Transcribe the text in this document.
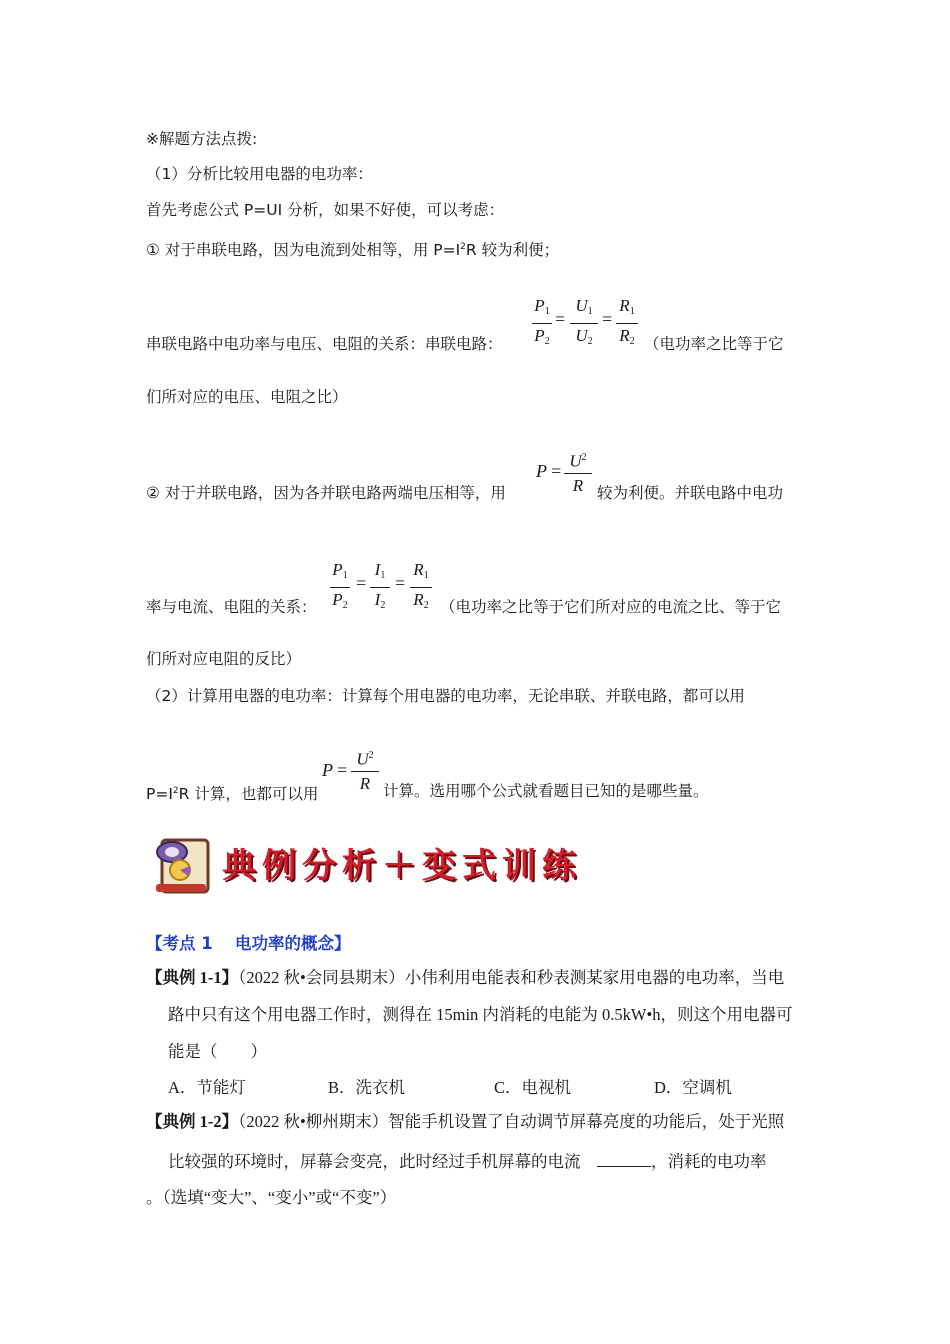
※解题方法点拨:
（1）分析比较用电器的电功率：
首先考虑公式 P=UI 分析，如果不好使，可以考虑：
① 对于串联电路，因为电流到处相等，用 $P=I^2R$ 较为利便；
串联电路中电功率与电压、电阻的关系：串联电路：
$P_1$
$P_2$
=
$U_1$
$U_2$
=
$R_1$
$R_2$ （电功率之比等于它
们所对应的电压、电阻之比）
② 对于并联电路，因为各并联电路两端电压相等，用
$P = U^2$
R 较为利便。并联电路中电功
率与电流、电阻的关系：
$P_1$
$P_2$
=
$I_1$
$I_2$
=
$R_1$
$R_2$ （电功率之比等于它们所对应的电流之比、等于它
们所对应电阻的反比）
（2）计算用电器的电功率：计算每个用电器的电功率，无论串联、并联电路，都可以用
$P=I^2R$ 计算，也都可以用
P =
$U^2$
R 计算。选用哪个公式就看题目已知的是哪些量。
典例分析＋变式训练
【考点 1　 电功率的概念】
【典例 1-1】（2022 秋•会同县期末）小伟利用电能表和秒表测某家用电器的电功率，当电
路中只有这个用电器工作时，测得在 15min 内消耗的电能为 0.5kW•h，则这个用电器可
能是（　　）
A．节能灯	B．洗衣机	C．电视机	D．空调机
【典例 1-2】（2022 秋•柳州期末）智能手机设置了自动调节屏幕亮度的功能后，处于光照
比较强的环境时，屏幕会变亮，此时经过手机屏幕的电流　	，消耗的电功率
。（选填“变大”、“变小”或“不变”）
